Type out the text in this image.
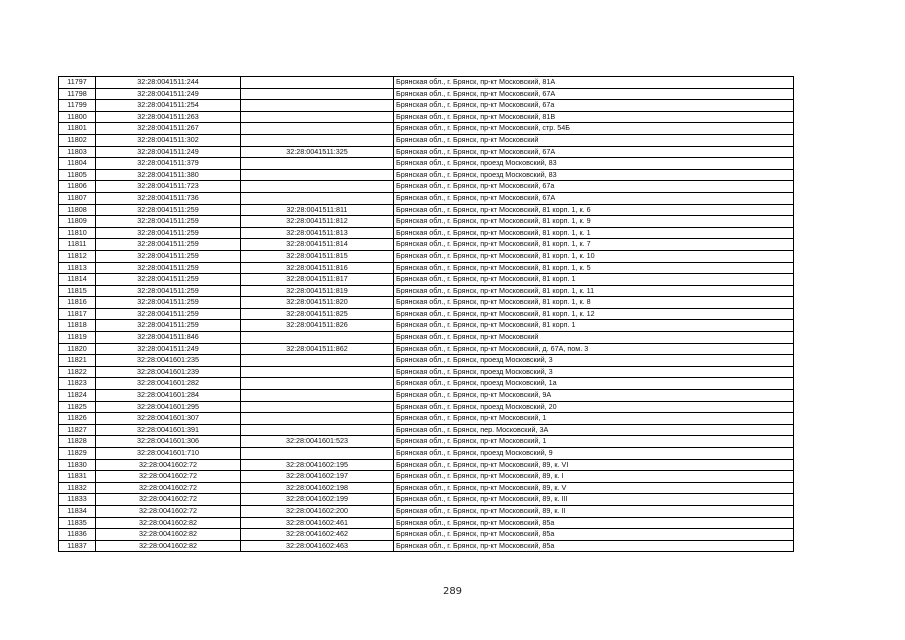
11797	32:28:0041511:244		Брянская обл., г. Брянск, пр-кт Московский, 81А
11798	32:28:0041511:249		Брянская обл., г. Брянск, пр-кт Московский, 67А
11799	32:28:0041511:254		Брянская обл., г. Брянск, пр-кт Московский, 67а
11800	32:28:0041511:263		Брянская обл., г. Брянск, пр-кт Московский, 81В
11801	32:28:0041511:267		Брянская обл., г. Брянск, пр-кт Московский, стр. 54Б
11802	32:28:0041511:302		Брянская обл., г. Брянск, пр-кт Московский
11803	32:28:0041511:249	32:28:0041511:325	Брянская обл., г. Брянск, пр-кт Московский, 67А
11804	32:28:0041511:379		Брянская обл., г. Брянск, проезд Московский, 83
11805	32:28:0041511:380		Брянская обл., г. Брянск, проезд Московский, 83
11806	32:28:0041511:723		Брянская обл., г. Брянск, пр-кт Московский, 67а
11807	32:28:0041511:736		Брянская обл., г. Брянск, пр-кт Московский, 67А
11808	32:28:0041511:259	32:28:0041511:811	Брянская обл., г. Брянск, пр-кт Московский, 81 корп. 1, к. 6
11809	32:28:0041511:259	32:28:0041511:812	Брянская обл., г. Брянск, пр-кт Московский, 81 корп. 1, к. 9
11810	32:28:0041511:259	32:28:0041511:813	Брянская обл., г. Брянск, пр-кт Московский, 81 корп. 1, к. 1
11811	32:28:0041511:259	32:28:0041511:814	Брянская обл., г. Брянск, пр-кт Московский, 81 корп. 1, к. 7
11812	32:28:0041511:259	32:28:0041511:815	Брянская обл., г. Брянск, пр-кт Московский, 81 корп. 1, к. 10
11813	32:28:0041511:259	32:28:0041511:816	Брянская обл., г. Брянск, пр-кт Московский, 81 корп. 1, к. 5
11814	32:28:0041511:259	32:28:0041511:817	Брянская обл., г. Брянск, пр-кт Московский, 81 корп. 1
11815	32:28:0041511:259	32:28:0041511:819	Брянская обл., г. Брянск, пр-кт Московский, 81 корп. 1, к. 11
11816	32:28:0041511:259	32:28:0041511:820	Брянская обл., г. Брянск, пр-кт Московский, 81 корп. 1, к. 8
11817	32:28:0041511:259	32:28:0041511:825	Брянская обл., г. Брянск, пр-кт Московский, 81 корп. 1, к. 12
11818	32:28:0041511:259	32:28:0041511:826	Брянская обл., г. Брянск, пр-кт Московский, 81 корп. 1
11819	32:28:0041511:846		Брянская обл., г. Брянск, пр-кт Московский
11820	32:28:0041511:249	32:28:0041511:862	Брянская обл., г. Брянск, пр-кт Московский, д. 67А, пом. 3
11821	32:28:0041601:235		Брянская обл., г. Брянск, проезд Московский, 3
11822	32:28:0041601:239		Брянская обл., г. Брянск, проезд Московский, 3
11823	32:28:0041601:282		Брянская обл., г. Брянск, проезд Московский, 1а
11824	32:28:0041601:284		Брянская обл., г. Брянск, пр-кт Московский, 9А
11825	32:28:0041601:295		Брянская обл., г. Брянск, проезд Московский, 20
11826	32:28:0041601:307		Брянская обл., г. Брянск, пр-кт Московский, 1
11827	32:28:0041601:391		Брянская обл., г. Брянск, пер. Московский, 3А
11828	32:28:0041601:306	32:28:0041601:523	Брянская обл., г. Брянск, пр-кт Московский, 1
11829	32:28:0041601:710		Брянская обл., г. Брянск, проезд Московский, 9
11830	32:28:0041602:72	32:28:0041602:195	Брянская обл., г. Брянск, пр-кт Московский, 89, к. VI
11831	32:28:0041602:72	32:28:0041602:197	Брянская обл., г. Брянск, пр-кт Московский, 89, к. I
11832	32:28:0041602:72	32:28:0041602:198	Брянская обл., г. Брянск, пр-кт Московский, 89, к. V
11833	32:28:0041602:72	32:28:0041602:199	Брянская обл., г. Брянск, пр-кт Московский, 89, к. III
11834	32:28:0041602:72	32:28:0041602:200	Брянская обл., г. Брянск, пр-кт Московский, 89, к. II
11835	32:28:0041602:82	32:28:0041602:461	Брянская обл., г. Брянск, пр-кт Московский, 85а
11836	32:28:0041602:82	32:28:0041602:462	Брянская обл., г. Брянск, пр-кт Московский, 85а
11837	32:28:0041602:82	32:28:0041602:463	Брянская обл., г. Брянск, пр-кт Московский, 85а
289
